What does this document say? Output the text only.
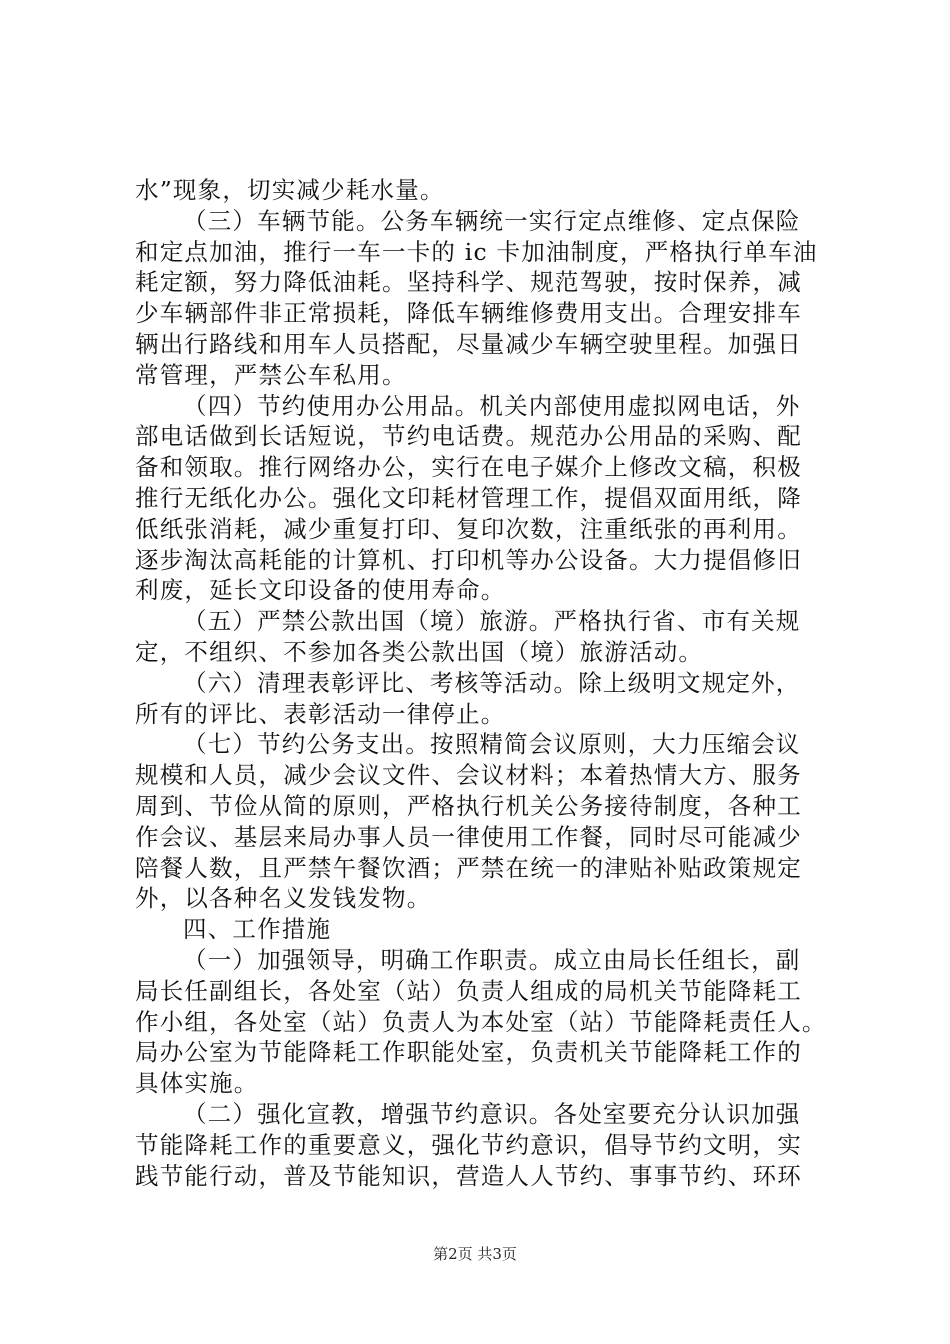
水”现象，切实减少耗水量。
（三）车辆节能。公务车辆统一实行定点维修、定点保险
和定点加油，推行一车一卡的 ic 卡加油制度，严格执行单车油
耗定额，努力降低油耗。坚持科学、规范驾驶，按时保养，减
少车辆部件非正常损耗，降低车辆维修费用支出。合理安排车
辆出行路线和用车人员搭配，尽量减少车辆空驶里程。加强日
常管理，严禁公车私用。
（四）节约使用办公用品。机关内部使用虚拟网电话，外
部电话做到长话短说，节约电话费。规范办公用品的采购、配
备和领取。推行网络办公，实行在电子媒介上修改文稿，积极
推行无纸化办公。强化文印耗材管理工作，提倡双面用纸，降
低纸张消耗，减少重复打印、复印次数，注重纸张的再利用。
逐步淘汰高耗能的计算机、打印机等办公设备。大力提倡修旧
利废，延长文印设备的使用寿命。
（五）严禁公款出国（境）旅游。严格执行省、市有关规
定，不组织、不参加各类公款出国（境）旅游活动。
（六）清理表彰评比、考核等活动。除上级明文规定外，
所有的评比、表彰活动一律停止。
（七）节约公务支出。按照精简会议原则，大力压缩会议
规模和人员，减少会议文件、会议材料；本着热情大方、服务
周到、节俭从简的原则，严格执行机关公务接待制度，各种工
作会议、基层来局办事人员一律使用工作餐，同时尽可能减少
陪餐人数，且严禁午餐饮酒；严禁在统一的津贴补贴政策规定
外，以各种名义发钱发物。
四、工作措施
（一）加强领导，明确工作职责。成立由局长任组长，副
局长任副组长，各处室（站）负责人组成的局机关节能降耗工
作小组，各处室（站）负责人为本处室（站）节能降耗责任人。
局办公室为节能降耗工作职能处室，负责机关节能降耗工作的
具体实施。
（二）强化宣教，增强节约意识。各处室要充分认识加强
节能降耗工作的重要意义，强化节约意识，倡导节约文明，实
践节能行动，普及节能知识，营造人人节约、事事节约、环环
第2页 共3页
